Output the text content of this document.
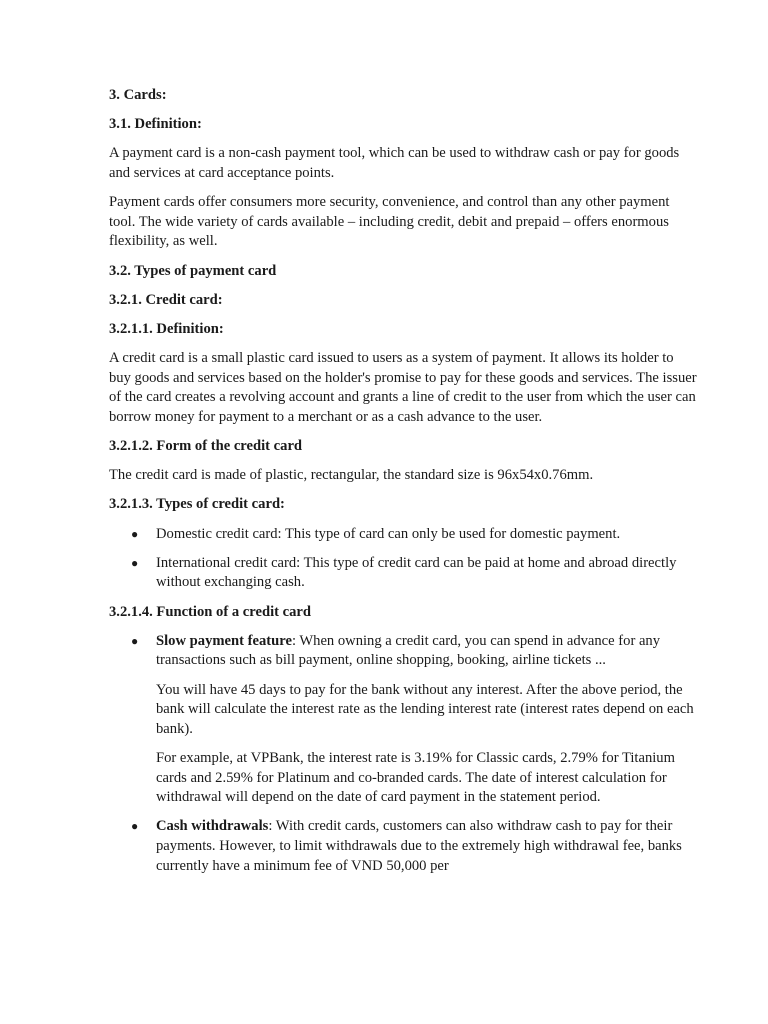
3. Cards:
3.1. Definition:
A payment card is a non-cash payment tool, which can be used to withdraw cash or pay for goods and services at card acceptance points.
Payment cards offer consumers more security, convenience, and control than any other payment tool. The wide variety of cards available – including credit, debit and prepaid – offers enormous flexibility, as well.
3.2. Types of payment card
3.2.1. Credit card:
3.2.1.1. Definition:
A credit card is a small plastic card issued to users as a system of payment. It allows its holder to buy goods and services based on the holder's promise to pay for these goods and services. The issuer of the card creates a revolving account and grants a line of credit to the user from which the user can borrow money for payment to a merchant or as a cash advance to the user.
3.2.1.2. Form of the credit card
The credit card is made of plastic, rectangular, the standard size is 96x54x0.76mm.
3.2.1.3. Types of credit card:
● Domestic credit card: This type of card can only be used for domestic payment.
● International credit card: This type of credit card can be paid at home and abroad directly without exchanging cash.
3.2.1.4. Function of a credit card
● Slow payment feature: When owning a credit card, you can spend in advance for any transactions such as bill payment, online shopping, booking, airline tickets ...
You will have 45 days to pay for the bank without any interest. After the above period, the bank will calculate the interest rate as the lending interest rate (interest rates depend on each bank).
For example, at VPBank, the interest rate is 3.19% for Classic cards, 2.79% for Titanium cards and 2.59% for Platinum and co-branded cards. The date of interest calculation for withdrawal will depend on the date of card payment in the statement period.
● Cash withdrawals: With credit cards, customers can also withdraw cash to pay for their payments. However, to limit withdrawals due to the extremely high withdrawal fee, banks currently have a minimum fee of VND 50,000 per
